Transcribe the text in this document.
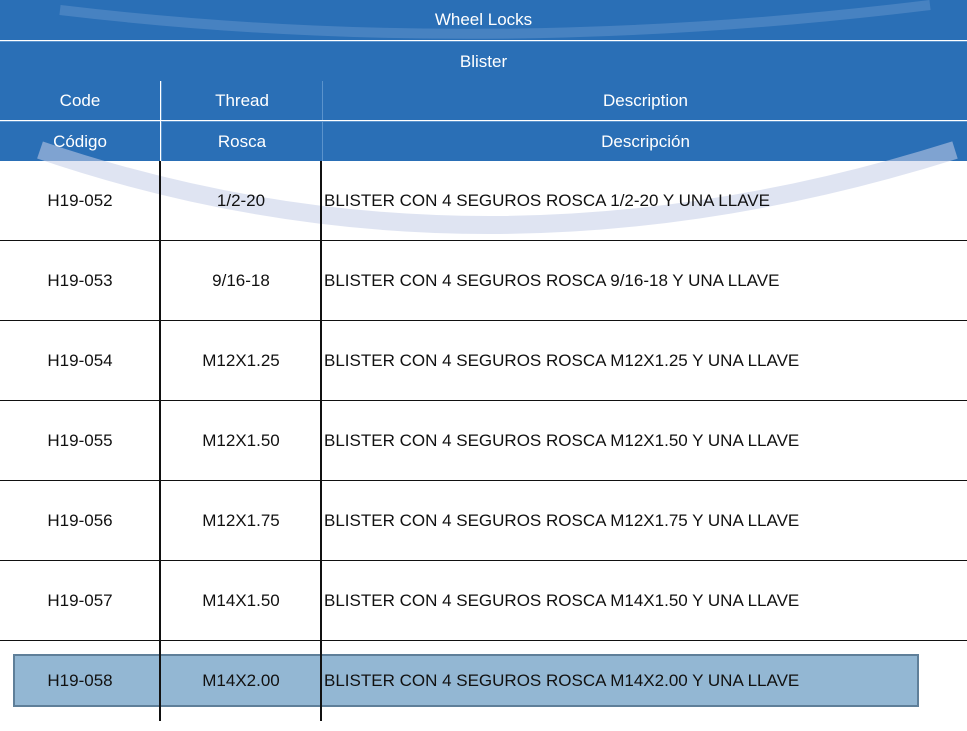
Wheel Locks
Blister
Code	Thread	Description
Código	Rosca	Descripción
H19-052	1/2-20	BLISTER CON 4 SEGUROS ROSCA 1/2-20 Y UNA LLAVE
H19-053	9/16-18	BLISTER CON 4 SEGUROS ROSCA 9/16-18 Y UNA LLAVE
H19-054	M12X1.25	BLISTER CON 4 SEGUROS ROSCA M12X1.25 Y UNA LLAVE
H19-055	M12X1.50	BLISTER CON 4 SEGUROS ROSCA M12X1.50 Y UNA LLAVE
H19-056	M12X1.75	BLISTER CON 4 SEGUROS ROSCA M12X1.75 Y UNA LLAVE
H19-057	M14X1.50	BLISTER CON 4 SEGUROS ROSCA M14X1.50 Y UNA LLAVE
H19-058	M14X2.00	BLISTER CON 4 SEGUROS ROSCA M14X2.00 Y UNA LLAVE
